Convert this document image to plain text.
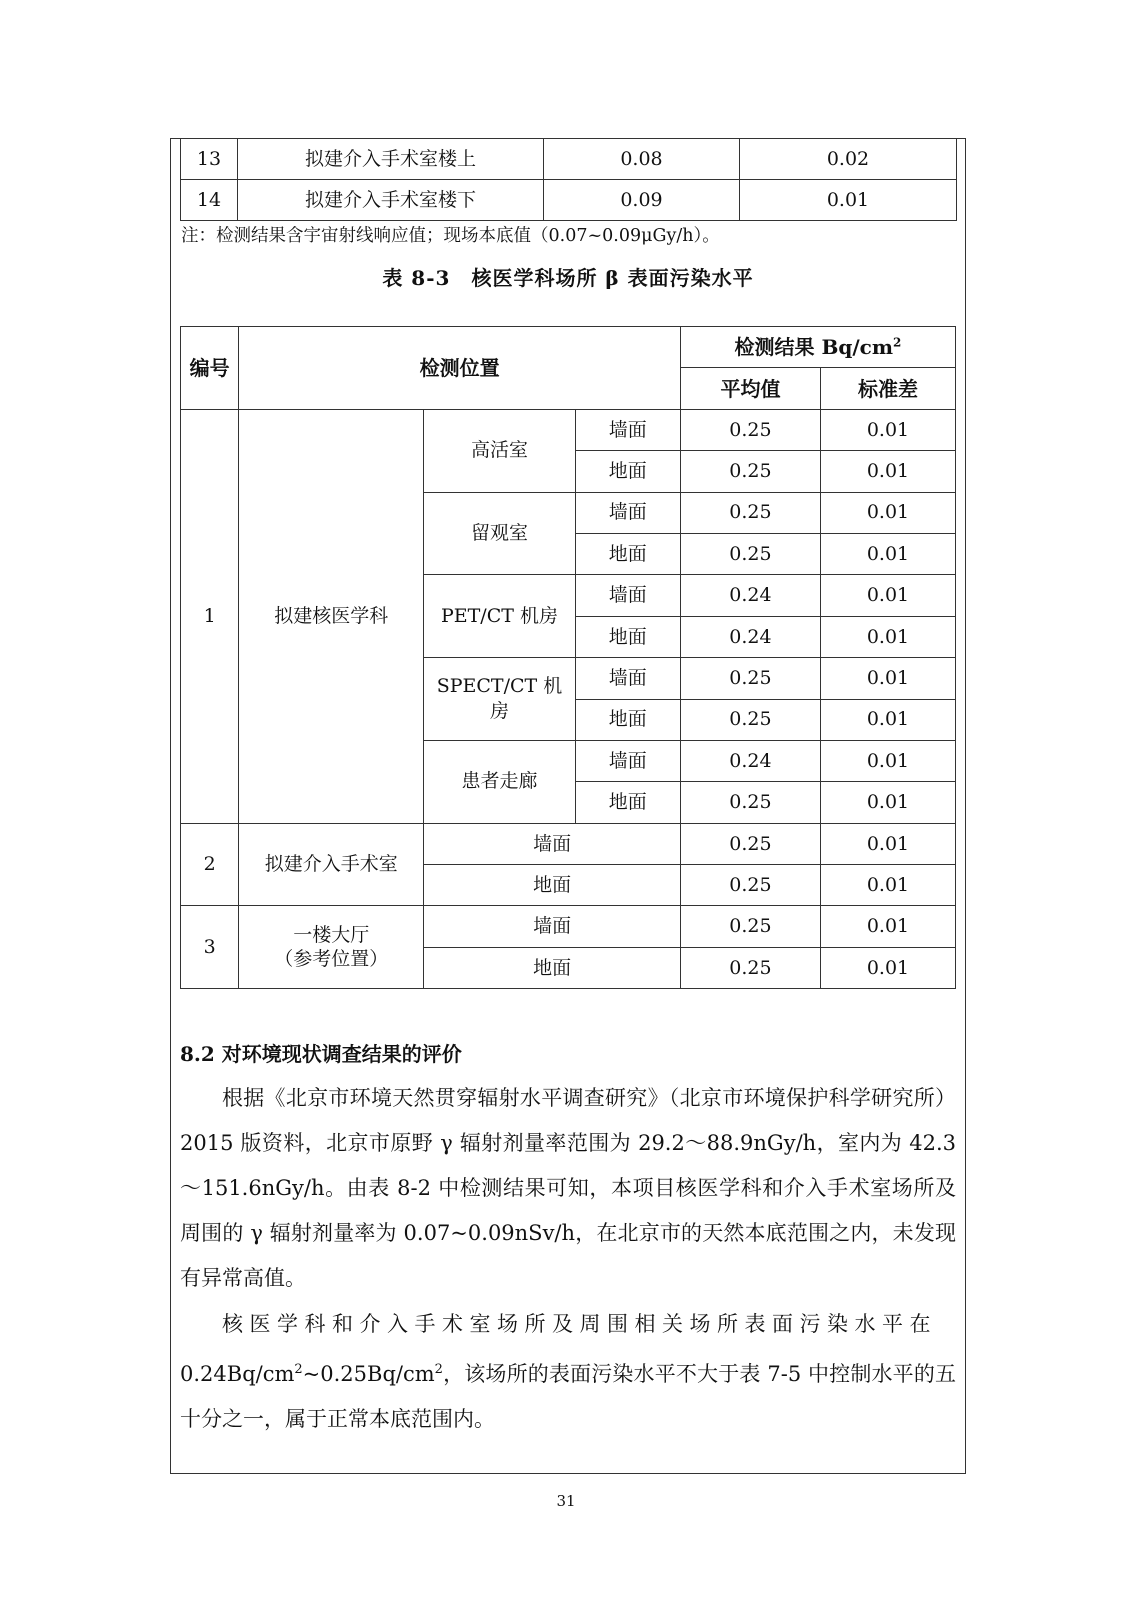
13	拟建介入手术室楼上	0.08	0.02
14	拟建介入手术室楼下	0.09	0.01
注：检测结果含宇宙射线响应值；现场本底值（0.07~0.09μGy/h）。
表 8-3　核医学科场所 β 表面污染水平
编号	检测位置			检测结果 $Bq/cm^2$
				平均值	标准差
1	拟建核医学科	高活室	墙面	0.25	0.01
			地面	0.25	0.01
		留观室	墙面	0.25	0.01
			地面	0.25	0.01
		PET/CT 机房	墙面	0.24	0.01
			地面	0.24	0.01
		SPECT/CT 机
房	墙面	0.25	0.01
			地面	0.25	0.01
		患者走廊	墙面	0.24	0.01
			地面	0.25	0.01
2	拟建介入手术室	墙面		0.25	0.01
		地面		0.25	0.01
3	一楼大厅
（参考位置）	墙面		0.25	0.01
		地面		0.25	0.01
8.2 对环境现状调查结果的评价

根据《北京市环境天然贯穿辐射水平调查研究》（北京市环境保护科学研究所）2015 版资料，北京市原野 γ 辐射剂量率范围为 29.2～88.9nGy/h，室内为 42.3～151.6nGy/h。由表 8-2 中检测结果可知，本项目核医学科和介入手术室场所及周围的 γ 辐射剂量率为 0.07~0.09nSv/h，在北京市的天然本底范围之内，未发现有异常高值。

核医学科和介入手术室场所及周围相关场所表面污染水平在
$0.24Bq/cm^2\sim 0.25Bq/cm^2$，该场所的表面污染水平不大于表 7-5 中控制水平的五十分之一，属于正常本底范围内。
31
